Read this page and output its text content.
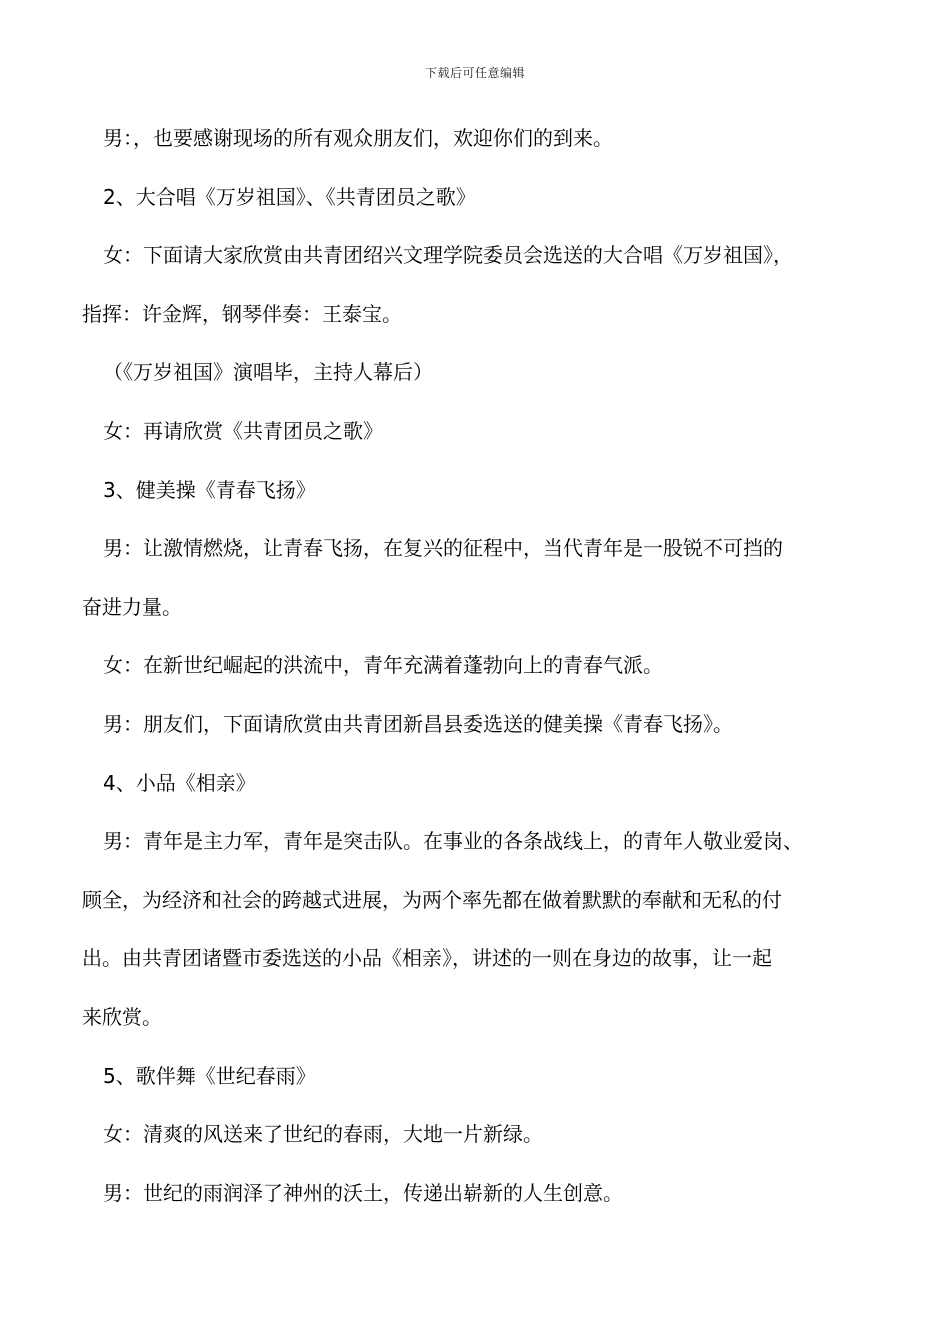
下载后可任意编辑
男：，也要感谢现场的所有观众朋友们，欢迎你们的到来。
2、大合唱《万岁祖国》、《共青团员之歌》
女：下面请大家欣赏由共青团绍兴文理学院委员会选送的大合唱《万岁祖国》，
指挥：许金辉，钢琴伴奏：王泰宝。
（《万岁祖国》演唱毕，主持人幕后）
女：再请欣赏《共青团员之歌》
3、健美操《青春飞扬》
男：让激情燃烧，让青春飞扬，在复兴的征程中，当代青年是一股锐不可挡的
奋进力量。
女：在新世纪崛起的洪流中，青年充满着蓬勃向上的青春气派。
男：朋友们，下面请欣赏由共青团新昌县委选送的健美操《青春飞扬》。
4、小品《相亲》
男：青年是主力军，青年是突击队。在事业的各条战线上，的青年人敬业爱岗、
顾全，为经济和社会的跨越式进展，为两个率先都在做着默默的奉献和无私的付
出。由共青团诸暨市委选送的小品《相亲》，讲述的一则在身边的故事，让一起
来欣赏。
5、歌伴舞《世纪春雨》
女：清爽的风送来了世纪的春雨，大地一片新绿。
男：世纪的雨润泽了神州的沃土，传递出崭新的人生创意。
